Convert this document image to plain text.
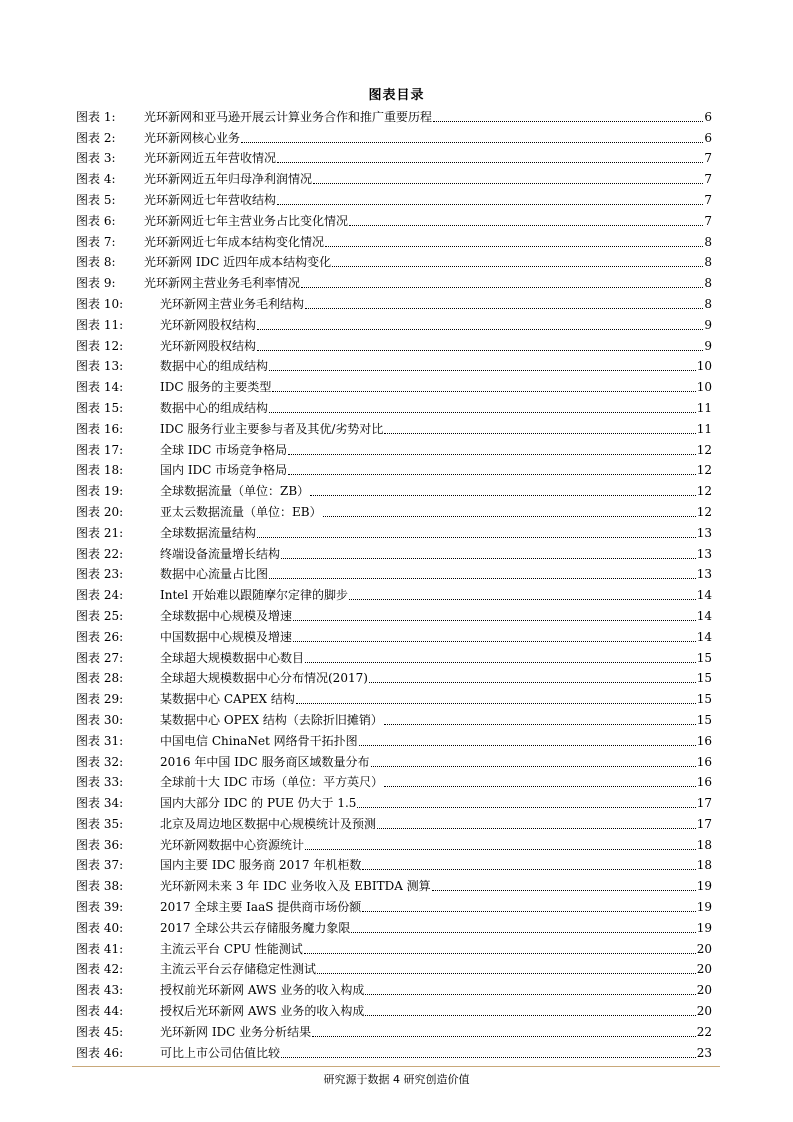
图表目录
图表 1:	光环新网和亚马逊开展云计算业务合作和推广重要历程	6
图表 2:	光环新网核心业务	6
图表 3:	光环新网近五年营收情况	7
图表 4:	光环新网近五年归母净利润情况	7
图表 5:	光环新网近七年营收结构	7
图表 6:	光环新网近七年主营业务占比变化情况	7
图表 7:	光环新网近七年成本结构变化情况	8
图表 8:	光环新网 IDC 近四年成本结构变化	8
图表 9:	光环新网主营业务毛利率情况	8
图表 10:	光环新网主营业务毛利结构	8
图表 11:	光环新网股权结构	9
图表 12:	光环新网股权结构	9
图表 13:	数据中心的组成结构	10
图表 14:	IDC 服务的主要类型	10
图表 15:	数据中心的组成结构	11
图表 16:	IDC 服务行业主要参与者及其优/劣势对比	11
图表 17:	全球 IDC 市场竞争格局	12
图表 18:	国内 IDC 市场竞争格局	12
图表 19:	全球数据流量（单位：ZB）	12
图表 20:	亚太云数据流量（单位：EB）	12
图表 21:	全球数据流量结构	13
图表 22:	终端设备流量增长结构	13
图表 23:	数据中心流量占比图	13
图表 24:	Intel 开始难以跟随摩尔定律的脚步	14
图表 25:	全球数据中心规模及增速	14
图表 26:	中国数据中心规模及增速	14
图表 27:	全球超大规模数据中心数目	15
图表 28:	全球超大规模数据中心分布情况(2017)	15
图表 29:	某数据中心 CAPEX 结构	15
图表 30:	某数据中心 OPEX 结构（去除折旧摊销）	15
图表 31:	中国电信 ChinaNet 网络骨干拓扑图	16
图表 32:	2016 年中国 IDC 服务商区域数量分布	16
图表 33:	全球前十大 IDC 市场（单位：平方英尺）	16
图表 34:	国内大部分 IDC 的 PUE 仍大于 1.5	17
图表 35:	北京及周边地区数据中心规模统计及预测	17
图表 36:	光环新网数据中心资源统计	18
图表 37:	国内主要 IDC 服务商 2017 年机柜数	18
图表 38:	光环新网未来 3 年 IDC 业务收入及 EBITDA 测算	19
图表 39:	2017 全球主要 IaaS 提供商市场份额	19
图表 40:	2017 全球公共云存储服务魔力象限	19
图表 41:	主流云平台 CPU 性能测试	20
图表 42:	主流云平台云存储稳定性测试	20
图表 43:	授权前光环新网 AWS 业务的收入构成	20
图表 44:	授权后光环新网 AWS 业务的收入构成	20
图表 45:	光环新网 IDC 业务分析结果	22
图表 46:	可比上市公司估值比较	23
研究源于数据 4 研究创造价值
